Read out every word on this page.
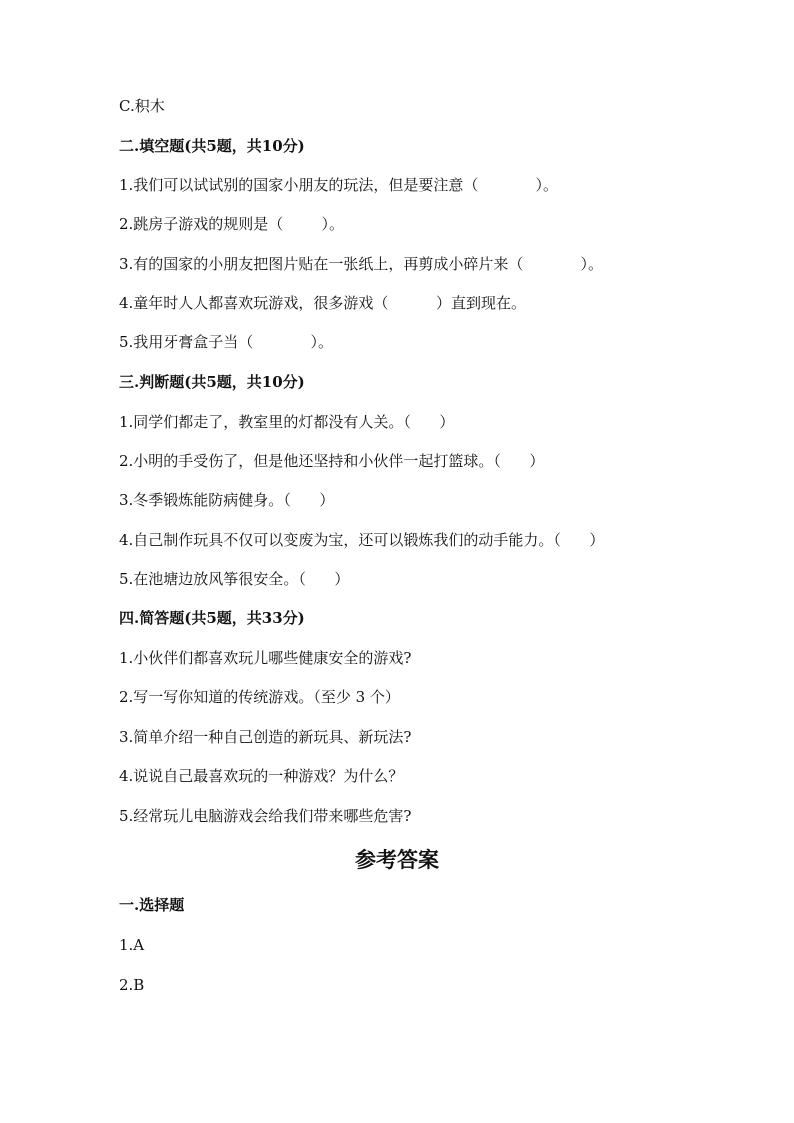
C.积木
二.填空题(共5题，共10分)
1.我们可以试试别的国家小朋友的玩法，但是要注意（            ）。
2.跳房子游戏的规则是（        ）。
3.有的国家的小朋友把图片贴在一张纸上，再剪成小碎片来（            ）。
4.童年时人人都喜欢玩游戏，很多游戏（          ）直到现在。
5.我用牙膏盒子当（            ）。
三.判断题(共5题，共10分)
1.同学们都走了，教室里的灯都没有人关。（      ）
2.小明的手受伤了，但是他还坚持和小伙伴一起打篮球。（      ）
3.冬季锻炼能防病健身。（      ）
4.自己制作玩具不仅可以变废为宝，还可以锻炼我们的动手能力。（      ）
5.在池塘边放风筝很安全。（      ）
四.简答题(共5题，共33分)
1.小伙伴们都喜欢玩儿哪些健康安全的游戏?
2.写一写你知道的传统游戏。（至少 3 个）
3.简单介绍一种自己创造的新玩具、新玩法?
4.说说自己最喜欢玩的一种游戏？为什么？
5.经常玩儿电脑游戏会给我们带来哪些危害?
参考答案
一.选择题
1.A
2.B
